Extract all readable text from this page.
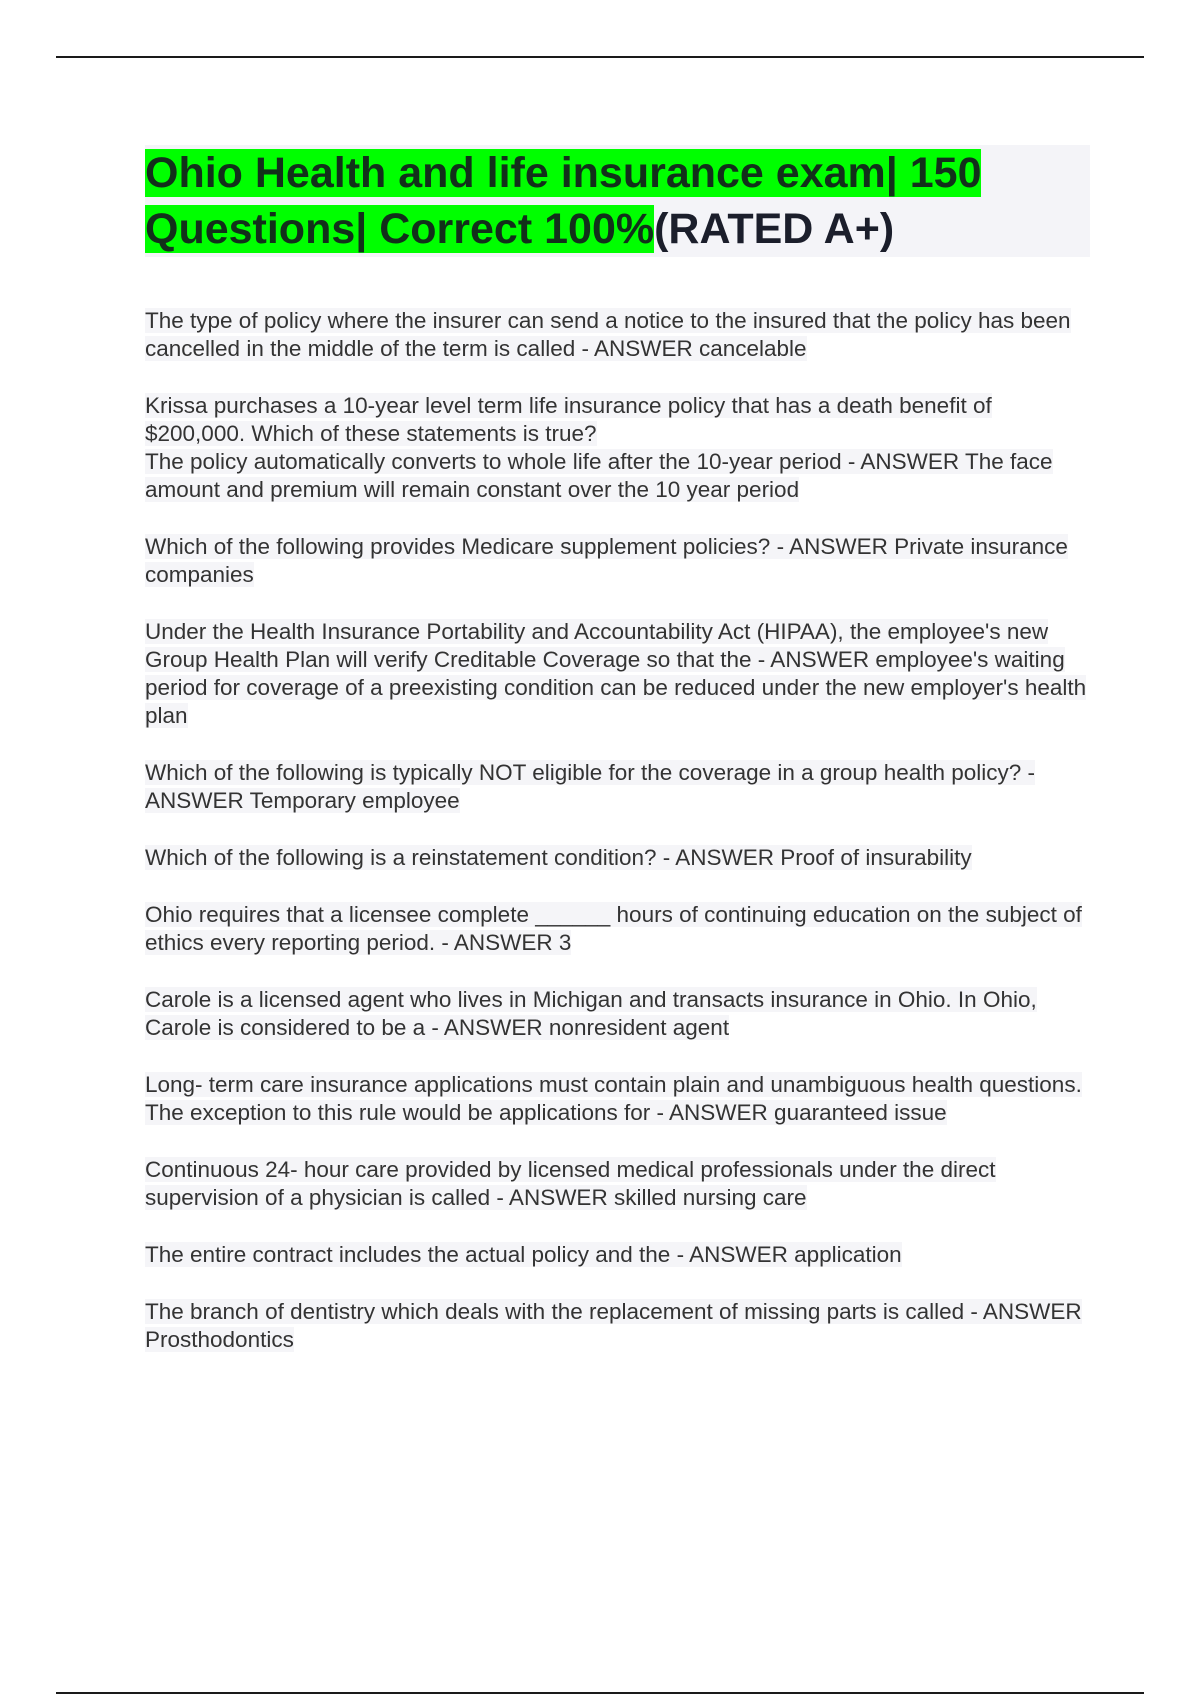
Ohio Health and life insurance exam| 150 Questions| Correct 100%(RATED A+)

The type of policy where the insurer can send a notice to the insured that the policy has been cancelled in the middle of the term is called - ANSWER cancelable

Krissa purchases a 10-year level term life insurance policy that has a death benefit of $200,000. Which of these statements is true?
The policy automatically converts to whole life after the 10-year period - ANSWER The face amount and premium will remain constant over the 10 year period

Which of the following provides Medicare supplement policies? - ANSWER Private insurance companies

Under the Health Insurance Portability and Accountability Act (HIPAA), the employee's new Group Health Plan will verify Creditable Coverage so that the - ANSWER employee's waiting period for coverage of a preexisting condition can be reduced under the new employer's health plan

Which of the following is typically NOT eligible for the coverage in a group health policy? - ANSWER Temporary employee

Which of the following is a reinstatement condition? - ANSWER Proof of insurability

Ohio requires that a licensee complete ______ hours of continuing education on the subject of ethics every reporting period. - ANSWER 3

Carole is a licensed agent who lives in Michigan and transacts insurance in Ohio. In Ohio, Carole is considered to be a - ANSWER nonresident agent

Long- term care insurance applications must contain plain and unambiguous health questions. The exception to this rule would be applications for - ANSWER guaranteed issue

Continuous 24- hour care provided by licensed medical professionals under the direct supervision of a physician is called - ANSWER skilled nursing care

The entire contract includes the actual policy and the - ANSWER application

The branch of dentistry which deals with the replacement of missing parts is called - ANSWER Prosthodontics
